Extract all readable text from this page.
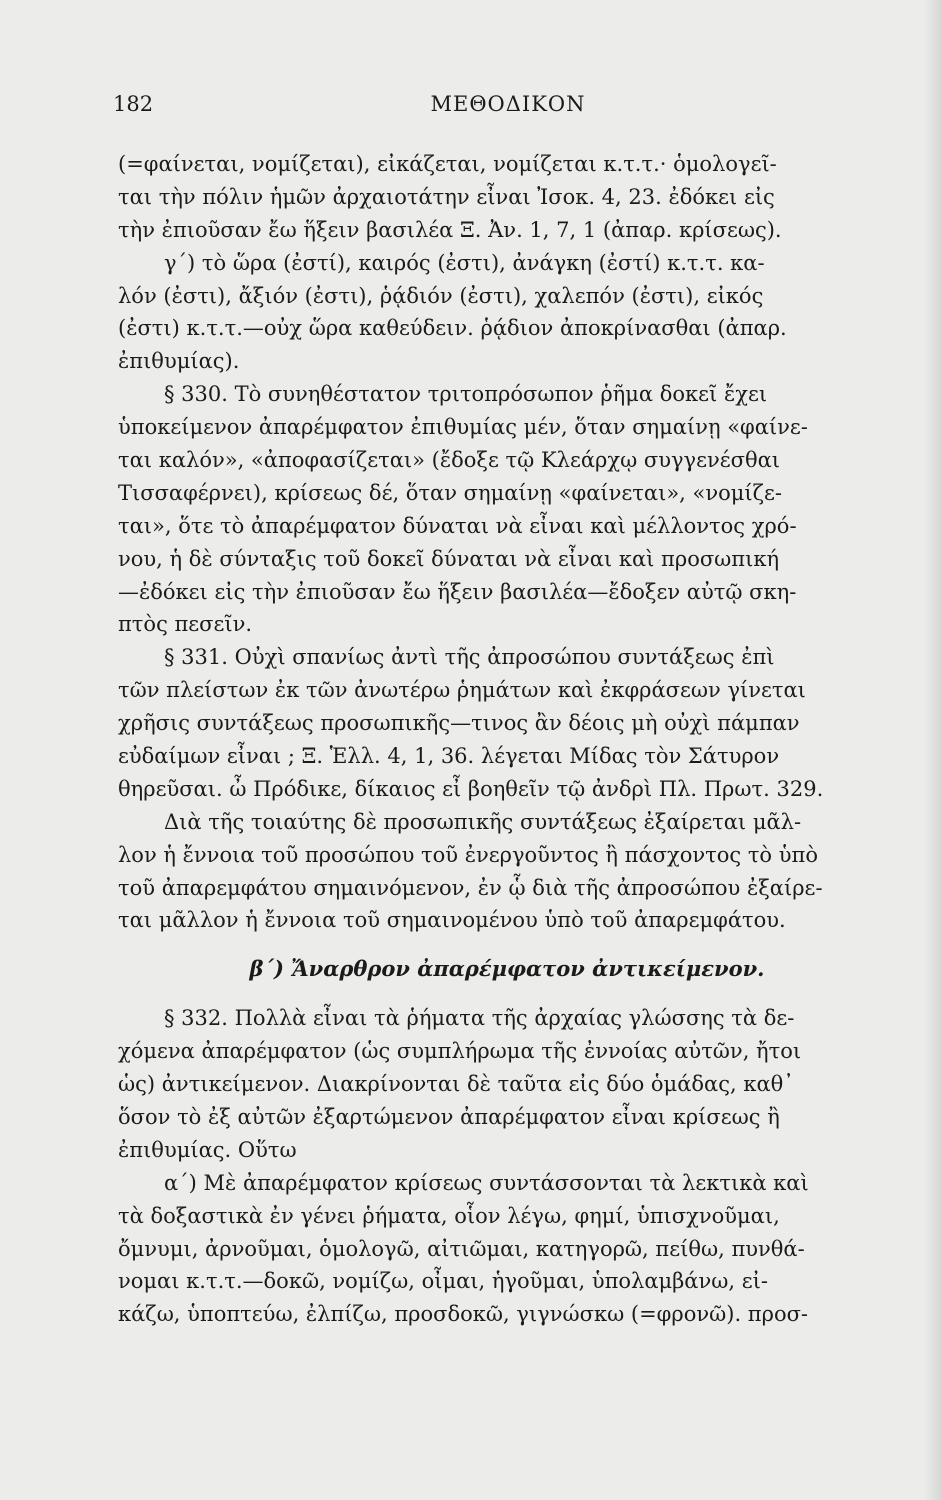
182	ΜΕΘΟΔΙΚΟΝ
(=φαίνεται, νομίζεται), εἰκάζεται, νομίζεται κ.τ.τ.· ὁμολογεῖ-
ται τὴν πόλιν ἡμῶν ἀρχαιοτάτην εἶναι Ἰσοκ. 4, 23. ἐδόκει εἰς
τὴν ἐπιοῦσαν ἔω ἥξειν βασιλέα Ξ. Ἀν. 1, 7, 1 (ἀπαρ. κρίσεως).
γ΄) τὸ ὥρα (ἐστί), καιρός (ἐστι), ἀνάγκη (ἐστί) κ.τ.τ. κα-
λόν (ἐστι), ἄξιόν (ἐστι), ῥᾴδιόν (ἐστι), χαλεπόν (ἐστι), εἰκός
(ἐστι) κ.τ.τ.—οὐχ ὥρα καθεύδειν. ῥᾴδιον ἀποκρίνασθαι (ἀπαρ.
ἐπιθυμίας).
§ 330. Τὸ συνηθέστατον τριτοπρόσωπον ῥῆμα δοκεῖ ἔχει
ὑποκείμενον ἀπαρέμφατον ἐπιθυμίας μέν, ὅταν σημαίνῃ «φαίνε-
ται καλόν», «ἀποφασίζεται» (ἔδοξε τῷ Κλεάρχῳ συγγενέσθαι
Τισσαφέρνει), κρίσεως δέ, ὅταν σημαίνῃ «φαίνεται», «νομίζε-
ται», ὅτε τὸ ἀπαρέμφατον δύναται νὰ εἶναι καὶ μέλλοντος χρό-
νου, ἡ δὲ σύνταξις τοῦ δοκεῖ δύναται νὰ εἶναι καὶ προσωπική
—ἐδόκει εἰς τὴν ἐπιοῦσαν ἔω ἥξειν βασιλέα—ἔδοξεν αὐτῷ σκη-
πτὸς πεσεῖν.
§ 331. Οὐχὶ σπανίως ἀντὶ τῆς ἀπροσώπου συντάξεως ἐπὶ
τῶν πλείστων ἐκ τῶν ἀνωτέρω ῥημάτων καὶ ἐκφράσεων γίνεται
χρῆσις συντάξεως προσωπικῆς—τινος ἂν δέοις μὴ οὐχὶ πάμπαν
εὐδαίμων εἶναι ; Ξ. Ἑλλ. 4, 1, 36. λέγεται Μίδας τὸν Σάτυρον
θηρεῦσαι. ὦ Πρόδικε, δίκαιος εἶ βοηθεῖν τῷ ἀνδρὶ Πλ. Πρωτ. 329.
Διὰ τῆς τοιαύτης δὲ προσωπικῆς συντάξεως ἐξαίρεται μᾶλ-
λον ἡ ἔννοια τοῦ προσώπου τοῦ ἐνεργοῦντος ἢ πάσχοντος τὸ ὑπὸ
τοῦ ἀπαρεμφάτου σημαινόμενον, ἐν ᾧ διὰ τῆς ἀπροσώπου ἐξαίρε-
ται μᾶλλον ἡ ἔννοια τοῦ σημαινομένου ὑπὸ τοῦ ἀπαρεμφάτου.
β΄) Ἄναρθρον ἀπαρέμφατον ἀντικείμενον.
§ 332. Πολλὰ εἶναι τὰ ῥήματα τῆς ἀρχαίας γλώσσης τὰ δε-
χόμενα ἀπαρέμφατον (ὡς συμπλήρωμα τῆς ἐννοίας αὐτῶν, ἤτοι
ὡς) ἀντικείμενον. Διακρίνονται δὲ ταῦτα εἰς δύο ὁμάδας, καθ᾽
ὅσον τὸ ἐξ αὐτῶν ἐξαρτώμενον ἀπαρέμφατον εἶναι κρίσεως ἢ
ἐπιθυμίας. Οὕτω
α΄) Μὲ ἀπαρέμφατον κρίσεως συντάσσονται τὰ λεκτικὰ καὶ
τὰ δοξαστικὰ ἐν γένει ῥήματα, οἷον λέγω, φημί, ὑπισχνοῦμαι,
ὄμνυμι, ἀρνοῦμαι, ὁμολογῶ, αἰτιῶμαι, κατηγορῶ, πείθω, πυνθά-
νομαι κ.τ.τ.—δοκῶ, νομίζω, οἶμαι, ἡγοῦμαι, ὑπολαμβάνω, εἰ-
κάζω, ὑποπτεύω, ἐλπίζω, προσδοκῶ, γιγνώσκω (=φρονῶ). προσ-
